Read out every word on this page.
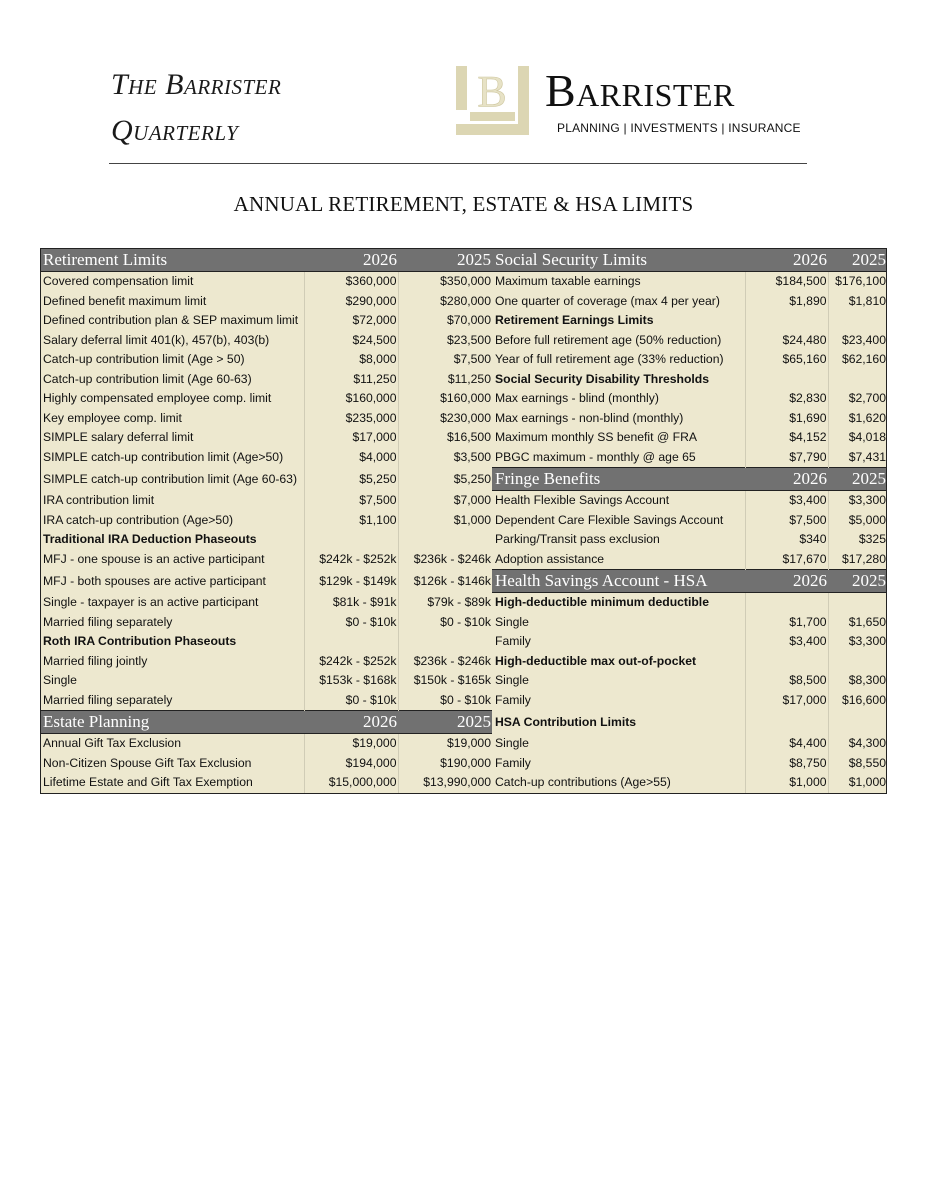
The Barrister
Quarterly
B Barrister
PLANNING | INVESTMENTS | INSURANCE
ANNUAL RETIREMENT, ESTATE & HSA LIMITS
Retirement Limits	2026	2025
Covered compensation limit	$360,000	$350,000
Defined benefit maximum limit	$290,000	$280,000
Defined contribution plan & SEP maximum limit	$72,000	$70,000
Salary deferral limit 401(k), 457(b), 403(b)	$24,500	$23,500
Catch-up contribution limit (Age > 50)	$8,000	$7,500
Catch-up contribution limit (Age 60-63)	$11,250	$11,250
Highly compensated employee comp. limit	$160,000	$160,000
Key employee comp. limit	$235,000	$230,000
SIMPLE salary deferral limit	$17,000	$16,500
SIMPLE catch-up contribution limit (Age>50)	$4,000	$3,500
SIMPLE catch-up contribution limit (Age 60-63)	$5,250	$5,250
IRA contribution limit	$7,500	$7,000
IRA catch-up contribution (Age>50)	$1,100	$1,000
Traditional IRA Deduction Phaseouts		
MFJ - one spouse is an active participant	$242k - $252k	$236k - $246k
MFJ - both spouses are active participant	$129k - $149k	$126k - $146k
Single - taxpayer is an active participant	$81k - $91k	$79k - $89k
Married filing separately	$0 - $10k	$0 - $10k
Roth IRA Contribution Phaseouts		
Married filing jointly	$242k - $252k	$236k - $246k
Single	$153k - $168k	$150k - $165k
Married filing separately	$0 - $10k	$0 - $10k
Estate Planning	2026	2025
Annual Gift Tax Exclusion	$19,000	$19,000
Non-Citizen Spouse Gift Tax Exclusion	$194,000	$190,000
Lifetime Estate and Gift Tax Exemption	$15,000,000	$13,990,000
Social Security Limits	2026	2025
Maximum taxable earnings	$184,500	$176,100
One quarter of coverage (max 4 per year)	$1,890	$1,810
Retirement Earnings Limits		
Before full retirement age (50% reduction)	$24,480	$23,400
Year of full retirement age (33% reduction)	$65,160	$62,160
Social Security Disability Thresholds		
Max earnings - blind (monthly)	$2,830	$2,700
Max earnings - non-blind (monthly)	$1,690	$1,620
Maximum monthly SS benefit @ FRA	$4,152	$4,018
PBGC maximum - monthly @ age 65	$7,790	$7,431
Fringe Benefits	2026	2025
Health Flexible Savings Account	$3,400	$3,300
Dependent Care Flexible Savings Account	$7,500	$5,000
Parking/Transit pass exclusion	$340	$325
Adoption assistance	$17,670	$17,280
Health Savings Account - HSA	2026	2025
High-deductible minimum deductible		
Single	$1,700	$1,650
Family	$3,400	$3,300
High-deductible max out-of-pocket		
Single	$8,500	$8,300
Family	$17,000	$16,600
HSA Contribution Limits		
Single	$4,400	$4,300
Family	$8,750	$8,550
Catch-up contributions (Age>55)	$1,000	$1,000
